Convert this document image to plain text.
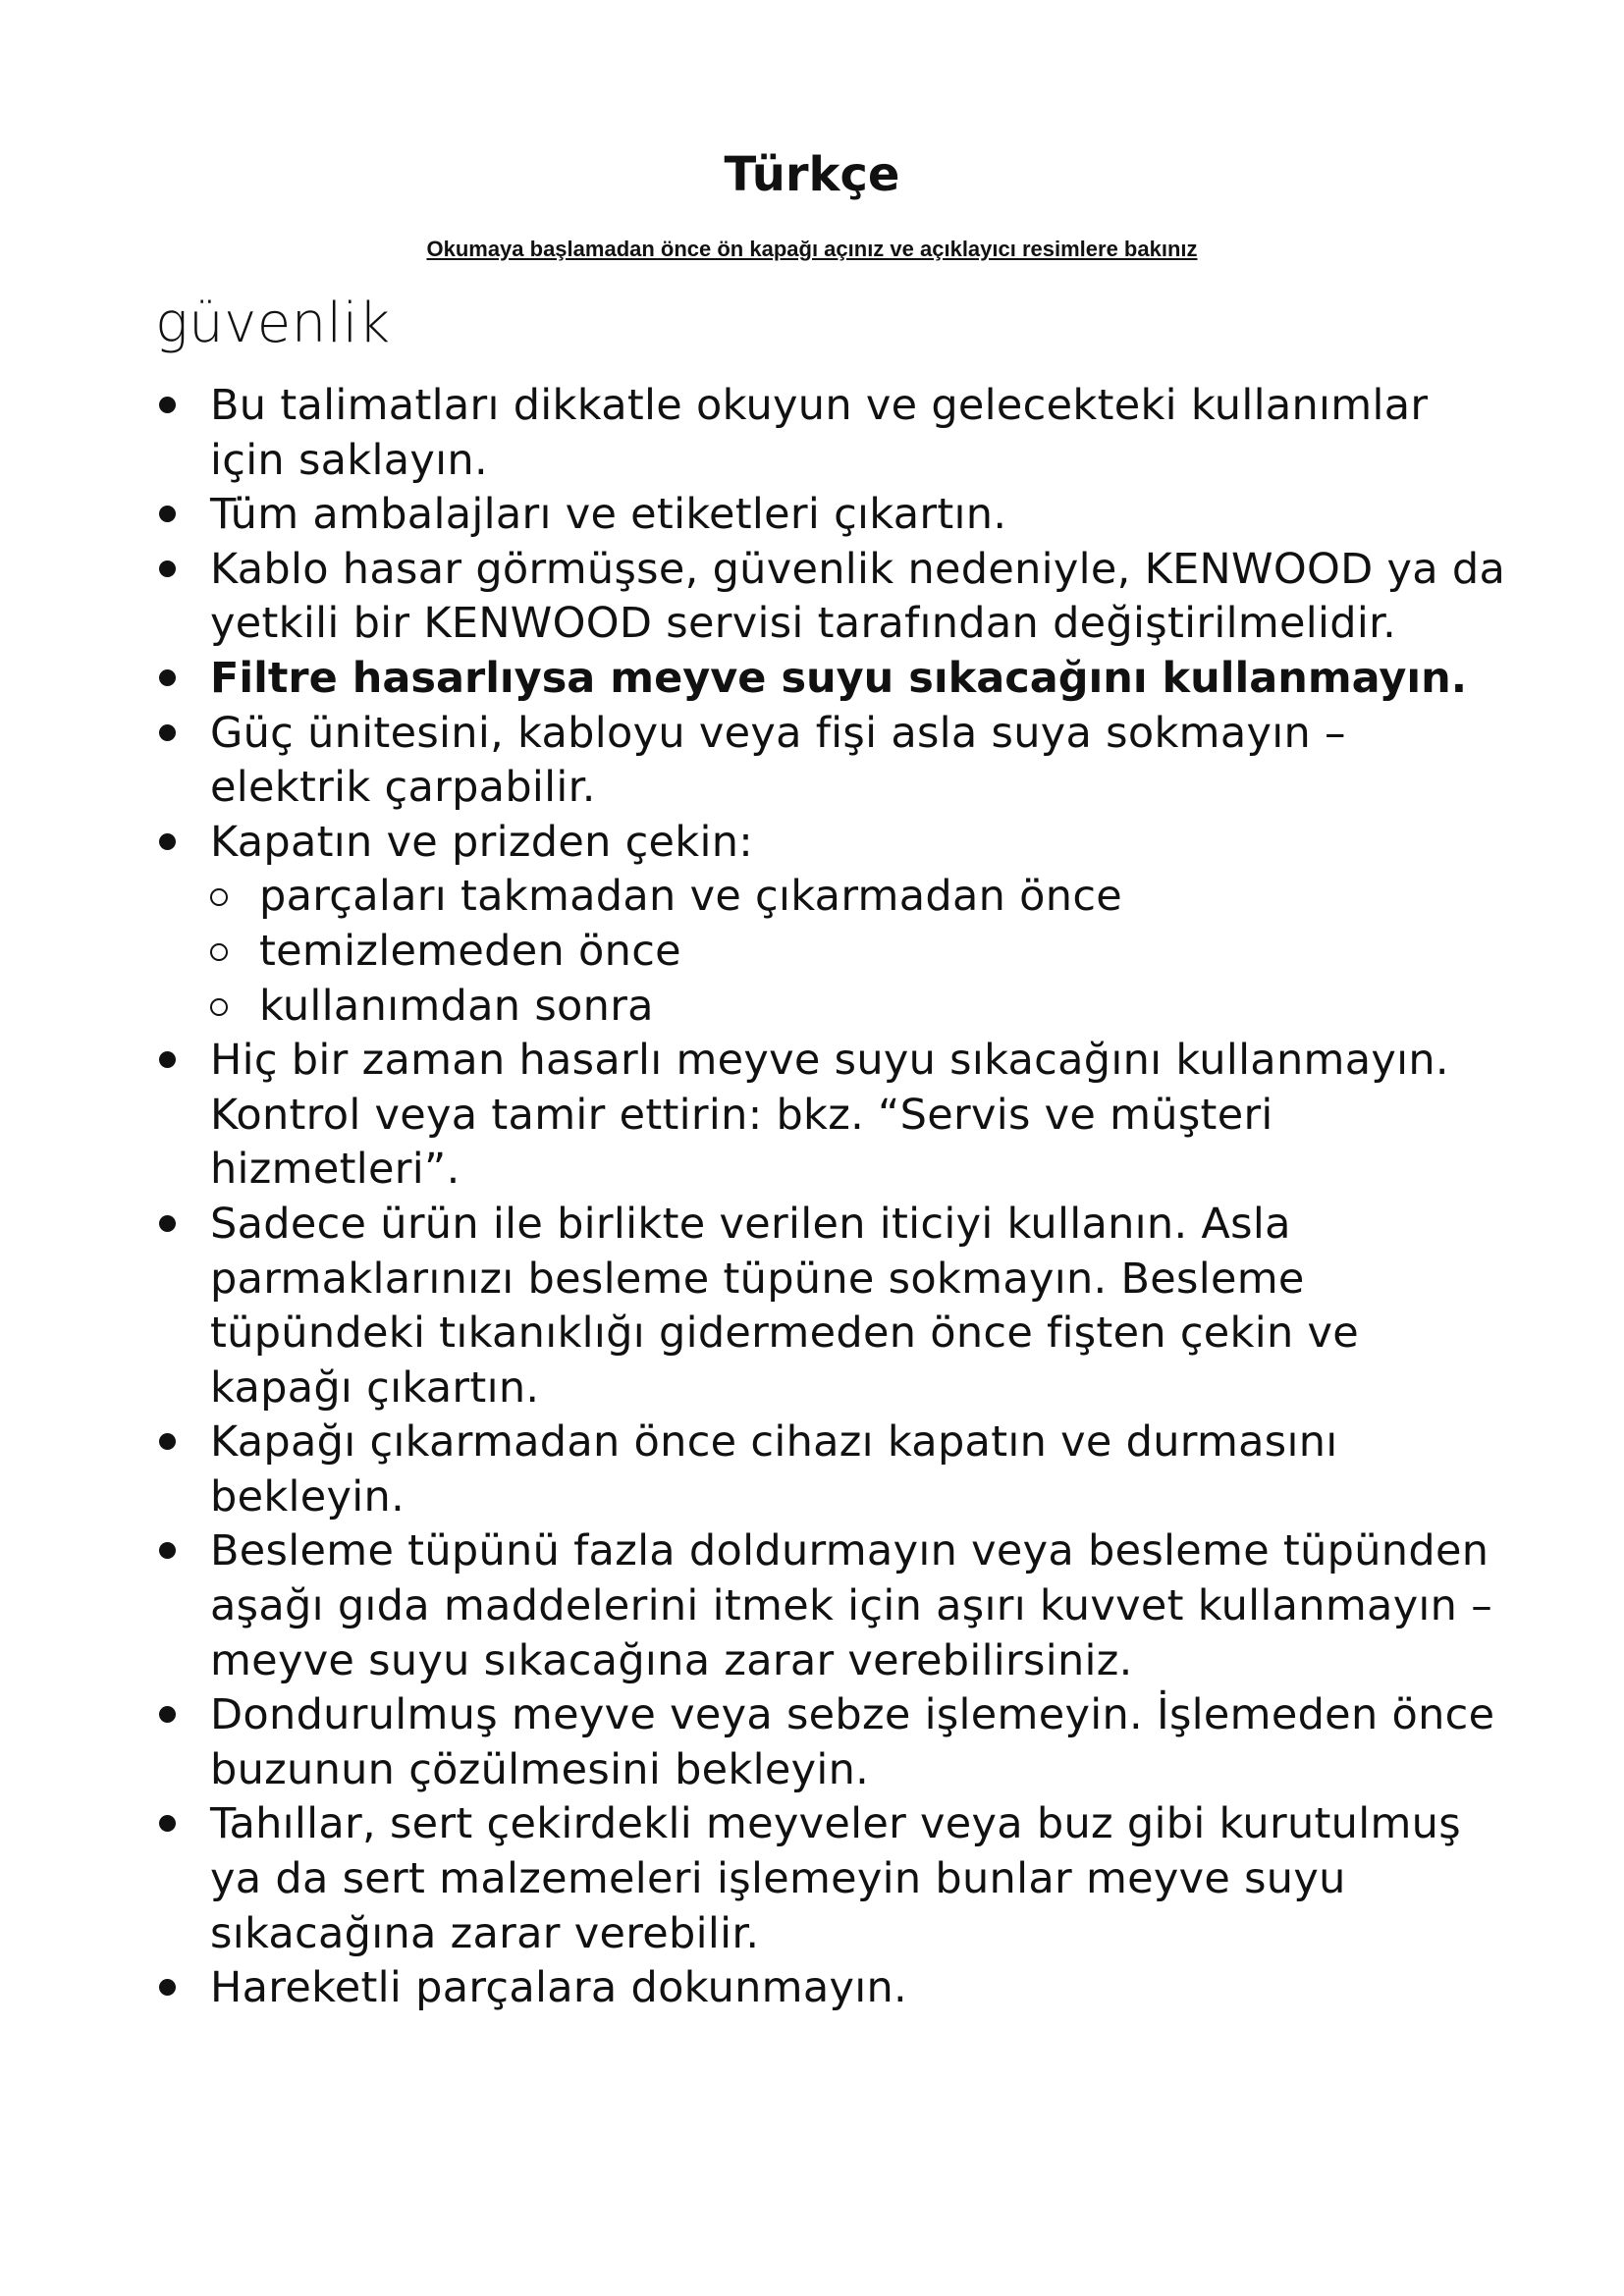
Türkçe
Okumaya başlamadan önce ön kapağı açınız ve açıklayıcı resimlere bakınız
güvenlik
Bu talimatları dikkatle okuyun ve gelecekteki kullanımlar için saklayın.
Tüm ambalajları ve etiketleri çıkartın.
Kablo hasar görmüşse, güvenlik nedeniyle, KENWOOD ya da yetkili bir KENWOOD servisi tarafından değiştirilmelidir.
Filtre hasarlıysa meyve suyu sıkacağını kullanmayın.
Güç ünitesini, kabloyu veya fişi asla suya sokmayın – elektrik çarpabilir.
Kapatın ve prizden çekin:
parçaları takmadan ve çıkarmadan önce
temizlemeden önce
kullanımdan sonra
Hiç bir zaman hasarlı meyve suyu sıkacağını kullanmayın. Kontrol veya tamir ettirin: bkz. “Servis ve müşteri hizmetleri”.
Sadece ürün ile birlikte verilen iticiyi kullanın. Asla parmaklarınızı besleme tüpüne sokmayın. Besleme tüpündeki tıkanıklığı gidermeden önce fişten çekin ve kapağı çıkartın.
Kapağı çıkarmadan önce cihazı kapatın ve durmasını bekleyin.
Besleme tüpünü fazla doldurmayın veya besleme tüpünden aşağı gıda maddelerini itmek için aşırı kuvvet kullanmayın – meyve suyu sıkacağına zarar verebilirsiniz.
Dondurulmuş meyve veya sebze işlemeyin. İşlemeden önce buzunun çözülmesini bekleyin.
Tahıllar, sert çekirdekli meyveler veya buz gibi kurutulmuş ya da sert malzemeleri işlemeyin bunlar meyve suyu sıkacağına zarar verebilir.
Hareketli parçalara dokunmayın.
